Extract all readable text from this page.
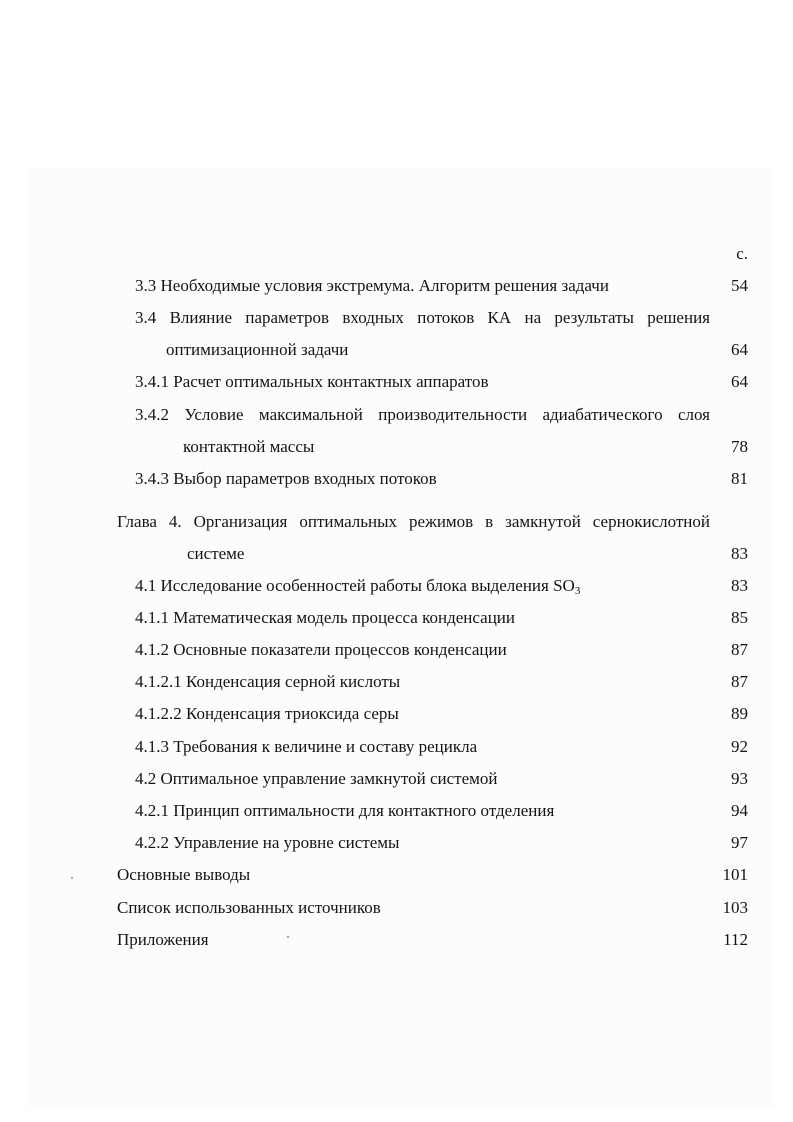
с.
3.3 Необходимые условия экстремума. Алгоритм решения задачи	54
3.4 Влияние параметров входных потоков КА на результаты решения
оптимизационной задачи	64
3.4.1 Расчет оптимальных контактных аппаратов	64
3.4.2 Условие максимальной производительности адиабатического слоя
контактной массы	78
3.4.3 Выбор параметров входных потоков	81
Глава 4. Организация оптимальных режимов в замкнутой сернокислотной
системе	83
4.1 Исследование особенностей работы блока выделения $SO_3$	83
4.1.1 Математическая модель процесса конденсации	85
4.1.2 Основные показатели процессов конденсации	87
4.1.2.1 Конденсация серной кислоты	87
4.1.2.2 Конденсация триоксида серы	89
4.1.3 Требования к величине и составу рецикла	92
4.2 Оптимальное управление замкнутой системой	93
4.2.1 Принцип оптимальности для контактного отделения	94
4.2.2 Управление на уровне системы	97
Основные выводы	101
Список использованных источников	103
Приложения	112
